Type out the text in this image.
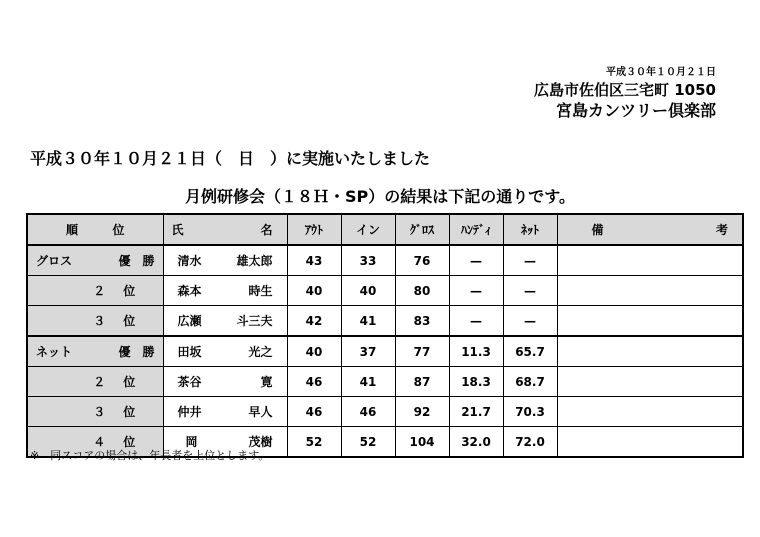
平成３０年１０月２１日
広島市佐伯区三宅町 1050
宮島カンツリー倶楽部
平成３０年１０月２１日（　日　）に実施いたしました
月例研修会（１８Ｈ・SP）の結果は下記の通りです。
順 位	氏 名	ｱｳﾄ	イン	ｸﾞﾛｽ	ﾊﾝﾃﾞｨ	ﾈｯﾄ	備 考

グロス 優　勝	清水 雄太郎	43	33	76	—	—	

２ 位	森本 時生	40	40	80	—	—	

３ 位	広瀬 斗三夫	42	41	83	—	—	

ネット 優　勝	田坂 光之	40	37	77	11.3	65.7	

２ 位	茶谷 寛	46	41	87	18.3	68.7	

３ 位	仲井 早人	46	46	92	21.7	70.3	

４ 位	岡 茂樹	52	52	104	32.0	72.0	
※　同スコアの場合は、年長者を上位とします。
